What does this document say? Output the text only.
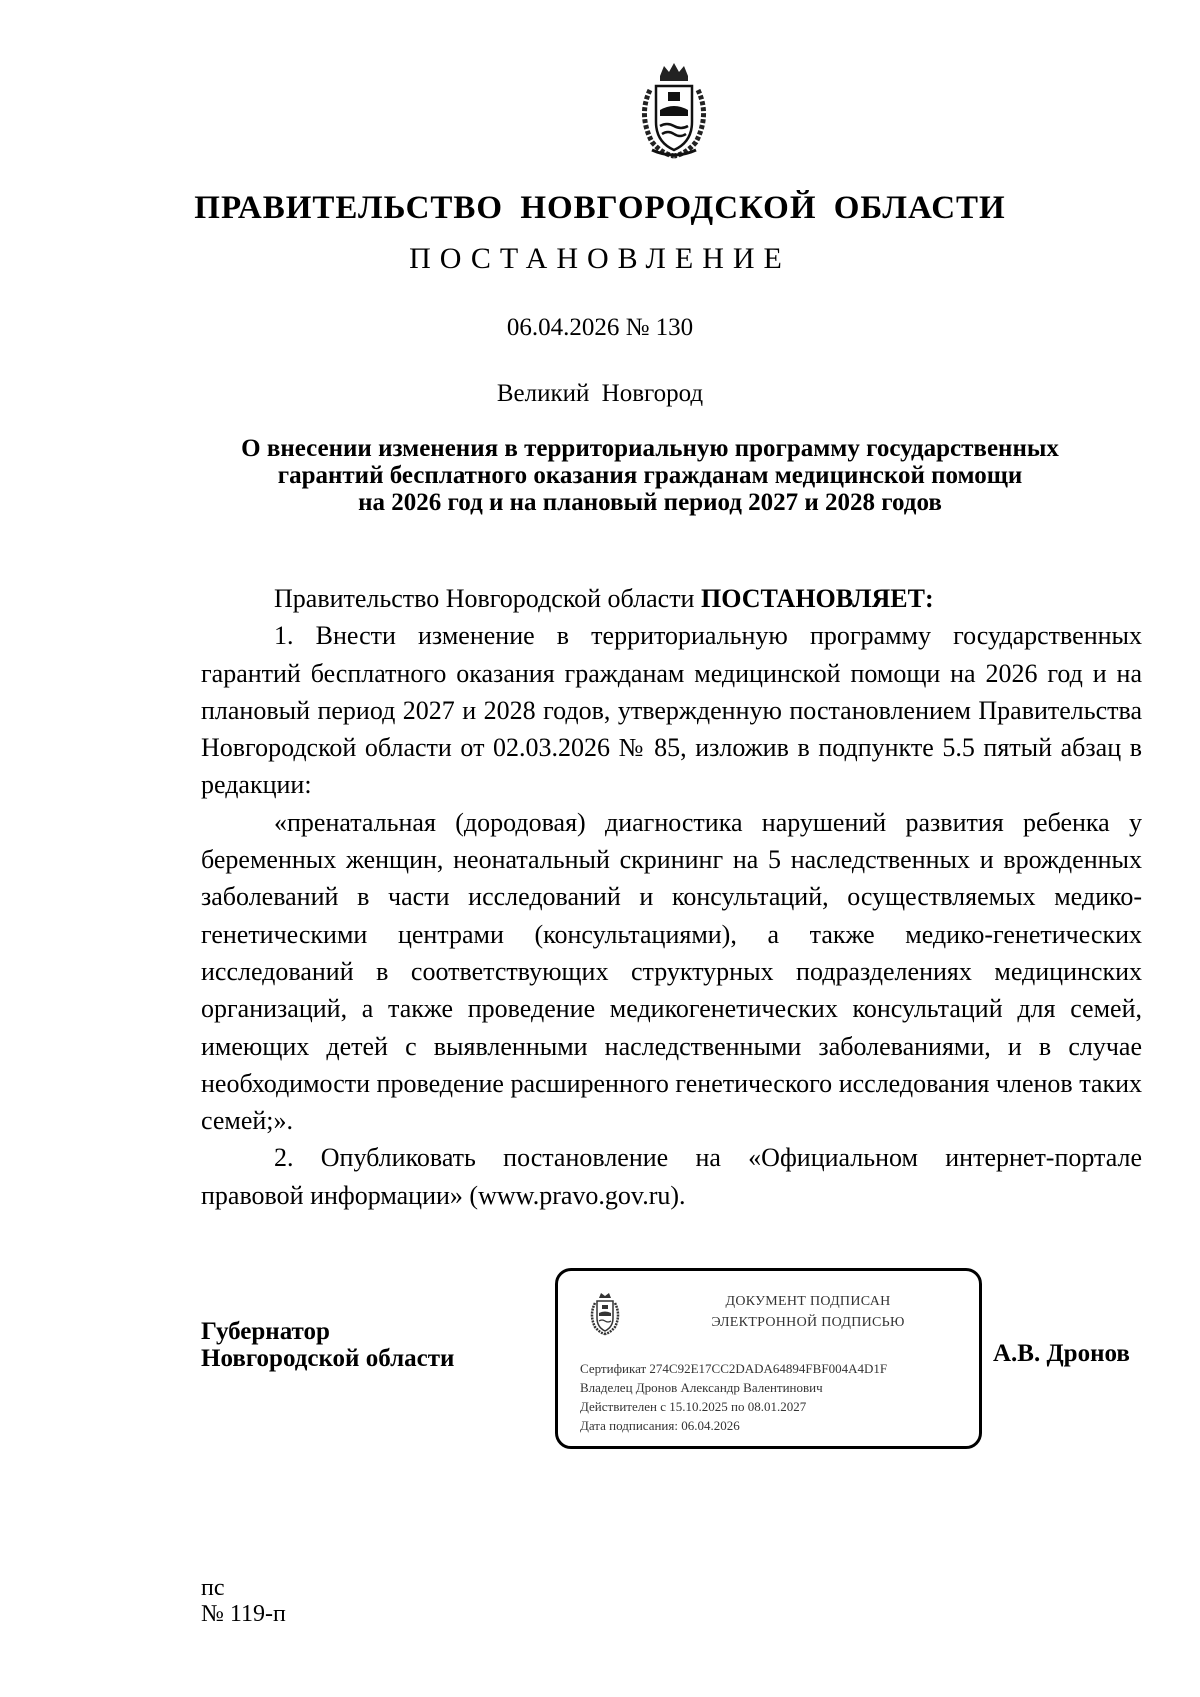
ПРАВИТЕЛЬСТВО НОВГОРОДСКОЙ ОБЛАСТИ
ПОСТАНОВЛЕНИЕ
06.04.2026 № 130
Великий Новгород
О внесении изменения в территориальную программу государственных
гарантий бесплатного оказания гражданам медицинской помощи
на 2026 год и на плановый период 2027 и 2028 годов

Правительство Новгородской области ПОСТАНОВЛЯЕТ:

1. Внести изменение в территориальную программу государственных гарантий бесплатного оказания гражданам медицинской помощи на 2026 год и на плановый период 2027 и 2028 годов, утвержденную постановлением Правительства Новгородской области от 02.03.2026 № 85, изложив в подпункте 5.5 пятый абзац в редакции:

«пренатальная (дородовая) диагностика нарушений развития ребенка у беременных женщин, неонатальный скрининг на 5 наследственных и врожденных заболеваний в части исследований и консультаций, осуществляемых медико-генетическими центрами (консультациями), а также медико-генетических исследований в соответствующих структурных подразделениях медицинских организаций, а также проведение медикогенетических консультаций для семей, имеющих детей с выявленными наследственными заболеваниями, и в случае необходимости проведение расширенного генетического исследования членов таких семей;».

2. Опубликовать постановление на «Официальном интернет-портале правовой информации» (www.pravo.gov.ru).

Губернатор
Новгородской области
ДОКУМЕНТ ПОДПИСАН
ЭЛЕКТРОННОЙ ПОДПИСЬЮ
Сертификат 274C92E17CC2DADA64894FBF004A4D1F
Владелец Дронов Александр Валентинович
Действителен с 15.10.2025 по 08.01.2027
Дата подписания: 06.04.2026
А.В. Дронов
пс
№ 119-п
